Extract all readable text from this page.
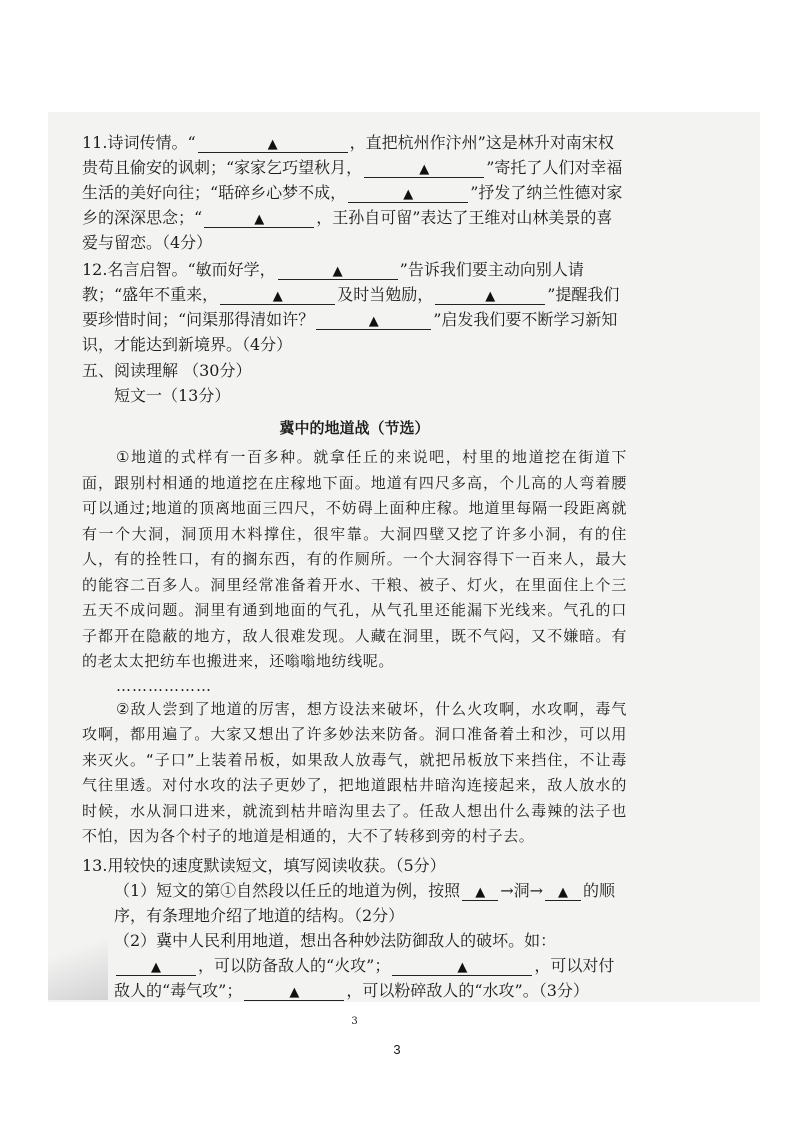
11.诗词传情。“	▲	，直把杭州作汴州”这是林升对南宋权贵苟且偷安的讽刺；“家家乞巧望秋月，	▲	”寄托了人们对幸福生活的美好向往；“聒碎乡心梦不成，	▲	”抒发了纳兰性德对家乡的深深思念；“	▲	，王孙自可留”表达了王维对山林美景的喜爱与留恋。（4分）

12.名言启智。“敏而好学，	▲	”告诉我们要主动向别人请教；“盛年不重来，	▲	及时当勉励，	▲	”提醒我们要珍惜时间；“问渠那得清如许？	▲	”启发我们要不断学习新知识，才能达到新境界。（4分）

五、阅读理解 （30分）

短文一（13分）

冀中的地道战（节选）

①地道的式样有一百多种。就拿任丘的来说吧，村里的地道挖在街道下面，跟别村相通的地道挖在庄稼地下面。地道有四尺多高，个儿高的人弯着腰可以通过;地道的顶离地面三四尺，不妨碍上面种庄稼。地道里每隔一段距离就有一个大洞，洞顶用木料撑住，很牢靠。大洞四壁又挖了许多小洞，有的住人，有的拴牲口，有的搁东西，有的作厕所。一个大洞容得下一百来人，最大的能容二百多人。洞里经常准备着开水、干粮、被子、灯火，在里面住上个三五天不成问题。洞里有通到地面的气孔，从气孔里还能漏下光线来。气孔的口子都开在隐蔽的地方，敌人很难发现。人藏在洞里，既不气闷，又不嫌暗。有的老太太把纺车也搬进来，还嗡嗡地纺线呢。

………………

②敌人尝到了地道的厉害，想方设法来破坏，什么火攻啊，水攻啊，毒气攻啊，都用遍了。大家又想出了许多妙法来防备。洞口准备着土和沙，可以用来灭火。“子口”上装着吊板，如果敌人放毒气，就把吊板放下来挡住，不让毒气往里透。对付水攻的法子更妙了，把地道跟枯井暗沟连接起来，敌人放水的时候，水从洞口进来，就流到枯井暗沟里去了。任敌人想出什么毒辣的法子也不怕，因为各个村子的地道是相通的，大不了转移到旁的村子去。

13.用较快的速度默读短文，填写阅读收获。（5分）

（1）短文的第①自然段以任丘的地道为例，按照 ▲ →洞→ ▲ 的顺序，有条理地介绍了地道的结构。（2分）

（2）冀中人民利用地道，想出各种妙法防御敌人的破坏。如：▲ ，可以防备敌人的“火攻”；	▲	，可以对付敌人的“毒气攻”；	▲	，可以粉碎敌人的“水攻”。（3分）

3

3
